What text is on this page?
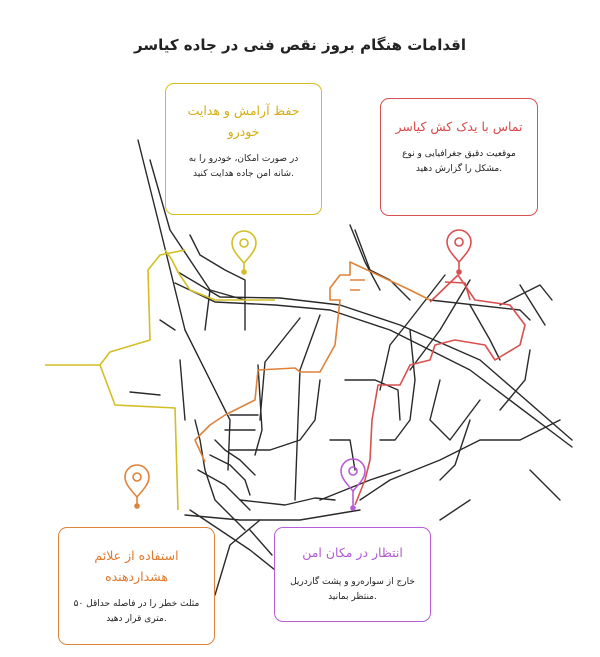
اقدامات هنگام بروز نقص فنی در جاده کیاسر
حفظ آرامش و هدایت خودرو
در صورت امکان، خودرو را به شانه امن جاده هدایت کنید.
تماس با یدک کش کیاسر
موقعیت دقیق جغرافیایی و نوع مشکل را گزارش دهید.
استفاده از علائم هشداردهنده
مثلث خطر را در فاصله حداقل ۵۰ متری قرار دهید.
انتظار در مکان امن
خارج از سواره‌رو و پشت گاردریل منتظر بمانید.
